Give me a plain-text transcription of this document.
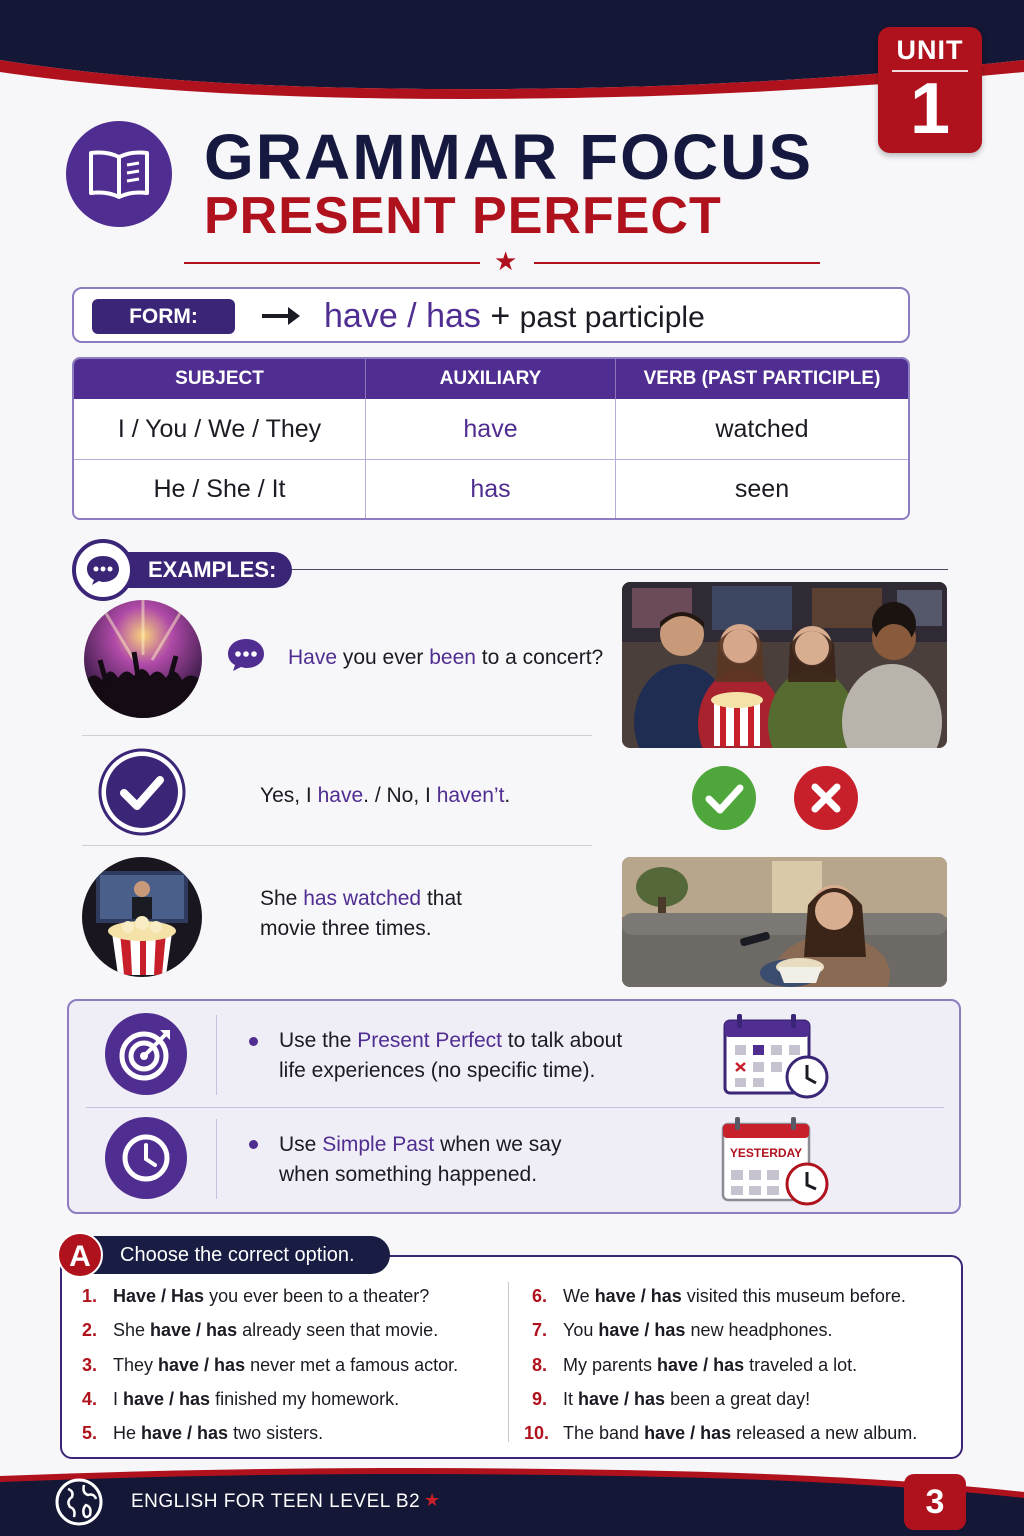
UNIT
1
GRAMMAR FOCUS
PRESENT PERFECT
★
FORM:	have / has + past participle
SUBJECT	AUXILIARY	VERB (PAST PARTICIPLE)
I / You / We / They	have	watched
He / She / It	has	seen
EXAMPLES:
Have you ever been to a concert?
Yes, I have. / No, I haven’t.
She has watched that
movie three times.
Use the Present Perfect to talk about
life experiences (no specific time).
Use Simple Past when we say
when something happened.
YESTERDAY
A	Choose the correct option.
1. Have / Has you ever been to a theater?
2. She have / has already seen that movie.
3. They have / has never met a famous actor.
4. I have / has finished my homework.
5. He have / has two sisters.
6. We have / has visited this museum before.
7. You have / has new headphones.
8. My parents have / has traveled a lot.
9. It have / has been a great day!
10. The band have / has released a new album.
ENGLISH FOR TEEN LEVEL B2 ★	3
